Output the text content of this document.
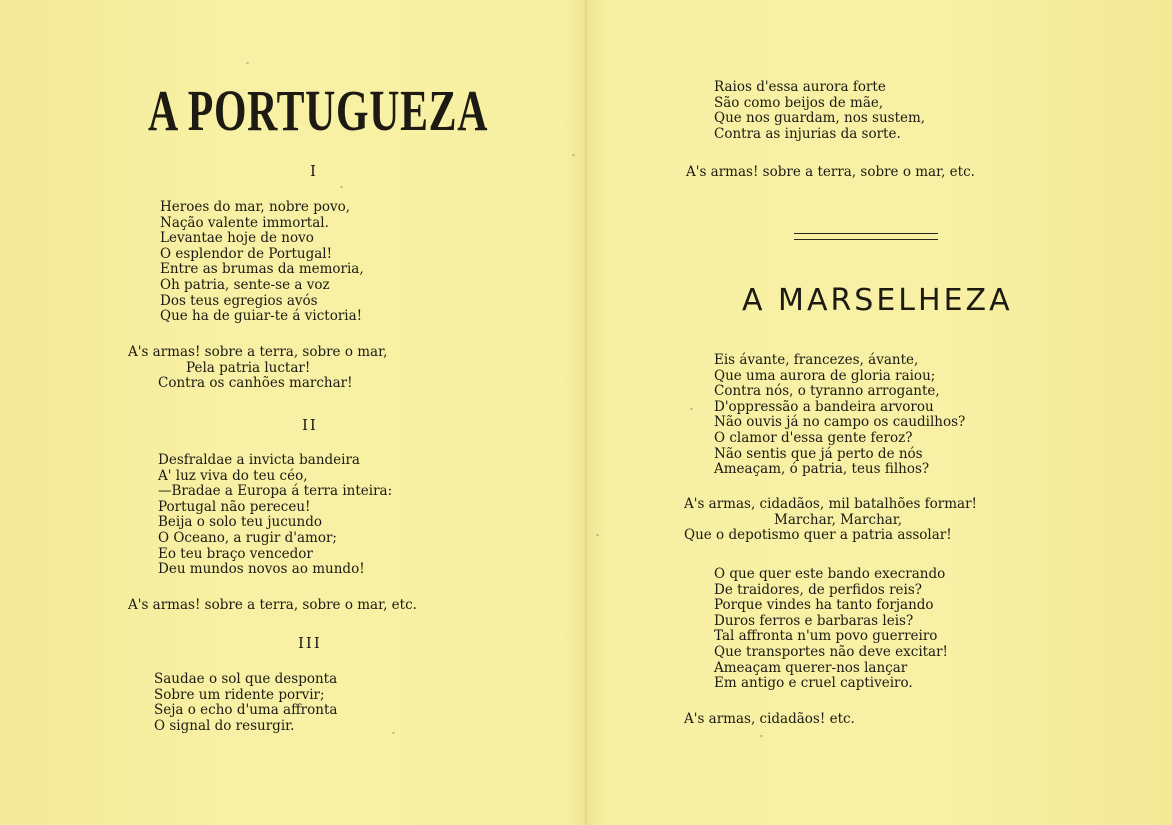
A PORTUGUEZA

I

Heroes do mar, nobre povo,
Nação valente immortal.
Levantae hoje de novo
O esplendor de Portugal!
Entre as brumas da memoria,
Oh patria, sente-se a voz
Dos teus egregios avós
Que ha de guiar-te á victoria!
A's armas! sobre a terra, sobre o mar,
Pela patria luctar!
Contra os canhões marchar!

II

Desfraldae a invicta bandeira
A' luz viva do teu céo,
—Bradae a Europa á terra inteira:
Portugal não pereceu!
Beija o solo teu jucundo
O Oceano, a rugir d'amor;
Eo teu braço vencedor
Deu mundos novos ao mundo!
A's armas! sobre a terra, sobre o mar, etc.

III

Saudae o sol que desponta
Sobre um ridente porvir;
Seja o echo d'uma affronta
O signal do resurgir.
Raios d'essa aurora forte
São como beijos de mãe,
Que nos guardam, nos sustem,
Contra as injurias da sorte.
A's armas! sobre a terra, sobre o mar, etc.
A MARSELHEZA
Eis ávante, francezes, ávante,
Que uma aurora de gloria raiou;
Contra nós, o tyranno arrogante,
D'oppressão a bandeira arvorou
Não ouvis já no campo os caudilhos?
O clamor d'essa gente feroz?
Não sentis que já perto de nós
Ameaçam, ó patria, teus filhos?
A's armas, cidadãos, mil batalhões formar!
Marchar, Marchar,
Que o depotismo quer a patria assolar!
O que quer este bando execrando
De traidores, de perfidos reis?
Porque vindes ha tanto forjando
Duros ferros e barbaras leis?
Tal affronta n'um povo guerreiro
Que transportes não deve excitar!
Ameaçam querer-nos lançar
Em antigo e cruel captiveiro.
A's armas, cidadãos! etc.
